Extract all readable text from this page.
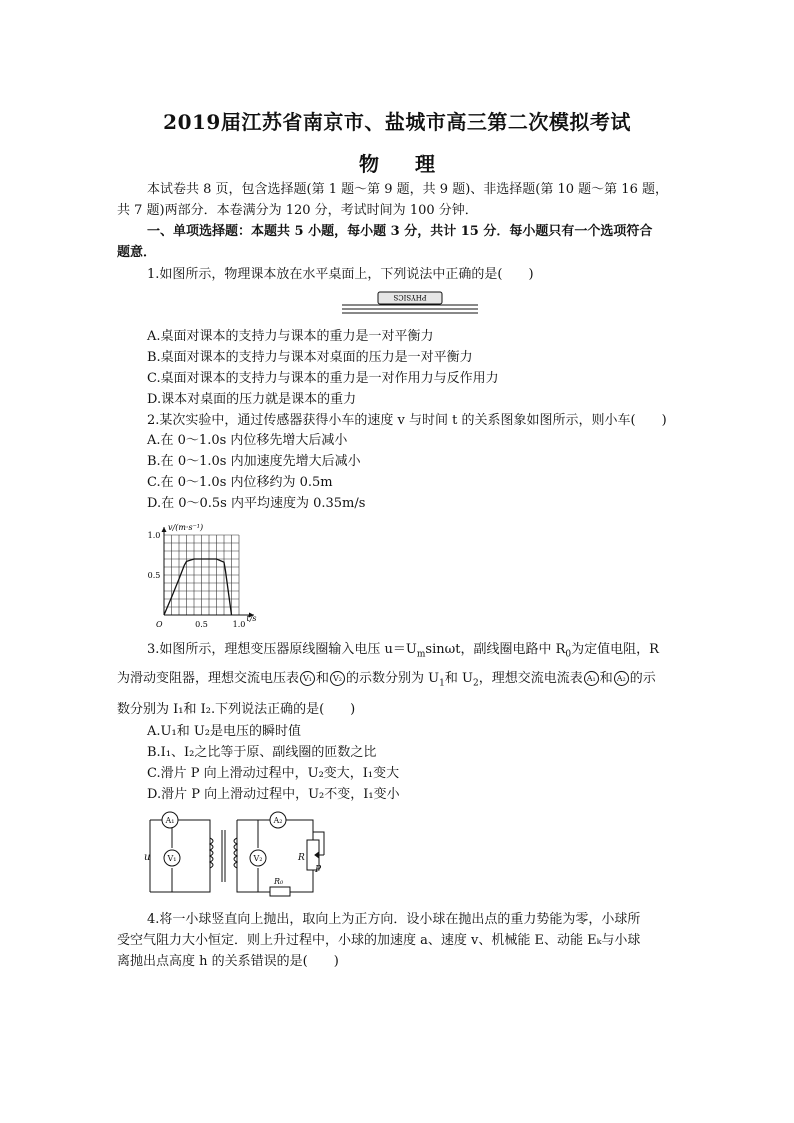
2019届江苏省南京市、盐城市高三第二次模拟考试
物理
本试卷共 8 页，包含选择题(第 1 题～第 9 题，共 9 题)、非选择题(第 10 题～第 16 题，
共 7 题)两部分．本卷满分为 120 分，考试时间为 100 分钟．
一、单项选择题：本题共 5 小题，每小题 3 分，共计 15 分．每小题只有一个选项符合
题意．
1.如图所示，物理课本放在水平桌面上，下列说法中正确的是(　　)
PHYSICS
A.桌面对课本的支持力与课本的重力是一对平衡力
B.桌面对课本的支持力与课本对桌面的压力是一对平衡力
C.桌面对课本的支持力与课本的重力是一对作用力与反作用力
D.课本对桌面的压力就是课本的重力
2.某次实验中，通过传感器获得小车的速度 v 与时间 t 的关系图象如图所示，则小车(　　)
A.在 0～1.0s 内位移先增大后减小
B.在 0～1.0s 内加速度先增大后减小
C.在 0～1.0s 内位移约为 0.5m
D.在 0～0.5s 内平均速度为 0.35m/s
1.0
0.5
0.5	1.0
O
t/s
v/(m·s⁻¹)
3.如图所示，理想变压器原线圈输入电压 $u=U_m\sin\omega t$，副线圈电路中 $R_0$为定值电阻，R
为滑动变阻器，理想交流电压表 V₁ 和 V₂ 的示数分别为 $U_1$和 $U_2$，理想交流电流表 A₁ 和 A₂ 的示
数分别为 I₁和 I₂.下列说法正确的是(　　)
A.U₁和 U₂是电压的瞬时值
B.I₁、I₂之比等于原、副线圈的匝数之比
C.滑片 P 向上滑动过程中，U₂变大，I₁变大
D.滑片 P 向上滑动过程中，U₂不变，I₁变小
A₁
V₁	V₂
A₂
u	R
P
R₀
4.将一小球竖直向上抛出，取向上为正方向．设小球在抛出点的重力势能为零，小球所
受空气阻力大小恒定．则上升过程中，小球的加速度 a、速度 v、机械能 E、动能 Eₖ与小球
离抛出点高度 h 的关系错误的是(　　)
